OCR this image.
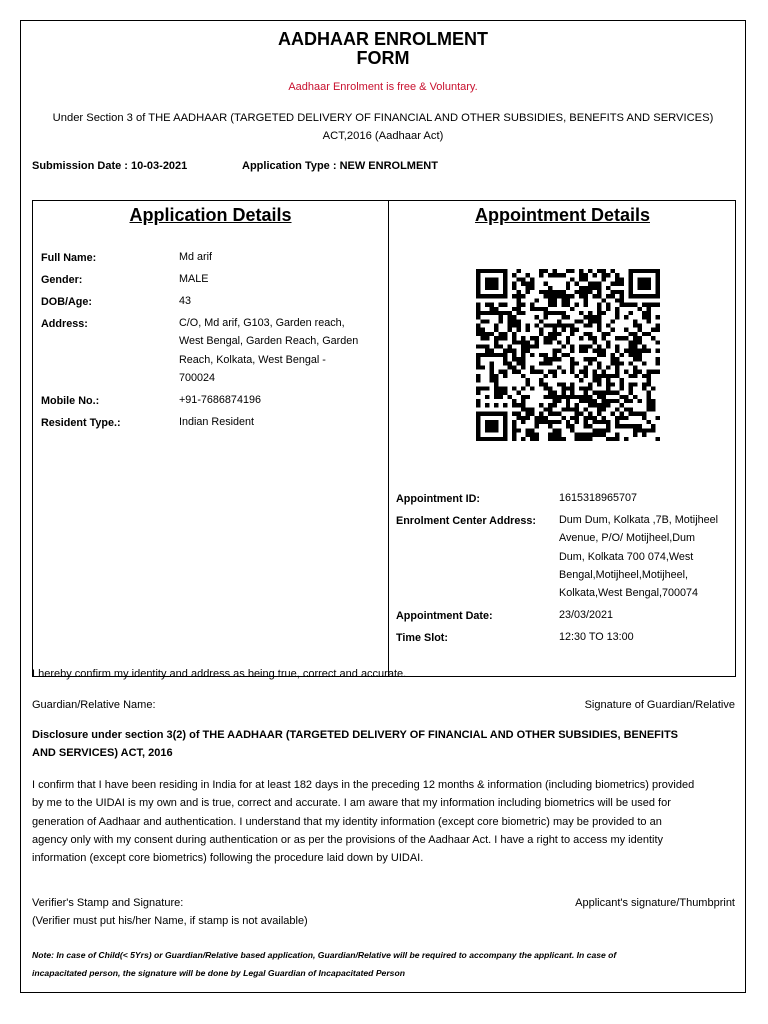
AADHAAR ENROLMENT
FORM
Aadhaar Enrolment is free & Voluntary.
Under Section 3 of THE AADHAAR (TARGETED DELIVERY OF FINANCIAL AND OTHER SUBSIDIES, BENEFITS AND SERVICES)
ACT,2016 (Aadhaar Act)
Submission Date : 10-03-2021	Application Type : NEW ENROLMENT
Application Details
Full Name:	Md arif
Gender:	MALE
DOB/Age:	43
Address:	C/O, Md arif, G103, Garden reach,
West Bengal, Garden Reach, Garden
Reach, Kolkata, West Bengal -
700024
Mobile No.:	+91-7686874196
Resident Type.:	Indian Resident
Appointment Details
Appointment ID:	1615318965707
Enrolment Center Address: Dum Dum, Kolkata ,7B, Motijheel
Avenue, P/O/ Motijheel,Dum
Dum, Kolkata 700 074,West
Bengal,Motijheel,Motijheel,
Kolkata,West Bengal,700074
Appointment Date:	23/03/2021
Time Slot:	12:30 TO 13:00
I hereby confirm my identity and address as being true, correct and accurate.
Guardian/Relative Name:	Signature of Guardian/Relative
Disclosure under section 3(2) of THE AADHAAR (TARGETED DELIVERY OF FINANCIAL AND OTHER SUBSIDIES, BENEFITS
AND SERVICES) ACT, 2016
I confirm that I have been residing in India for at least 182 days in the preceding 12 months & information (including biometrics) provided
by me to the UIDAI is my own and is true, correct and accurate. I am aware that my information including biometrics will be used for
generation of Aadhaar and authentication. I understand that my identity information (except core biometric) may be provided to an
agency only with my consent during authentication or as per the provisions of the Aadhaar Act. I have a right to access my identity
information (except core biometrics) following the procedure laid down by UIDAI.
Verifier's Stamp and Signature:
(Verifier must put his/her Name, if stamp is not available)
Applicant's signature/Thumbprint
Note: In case of Child(< 5Yrs) or Guardian/Relative based application, Guardian/Relative will be required to accompany the applicant. In case of
incapacitated person, the signature will be done by Legal Guardian of Incapacitated Person
